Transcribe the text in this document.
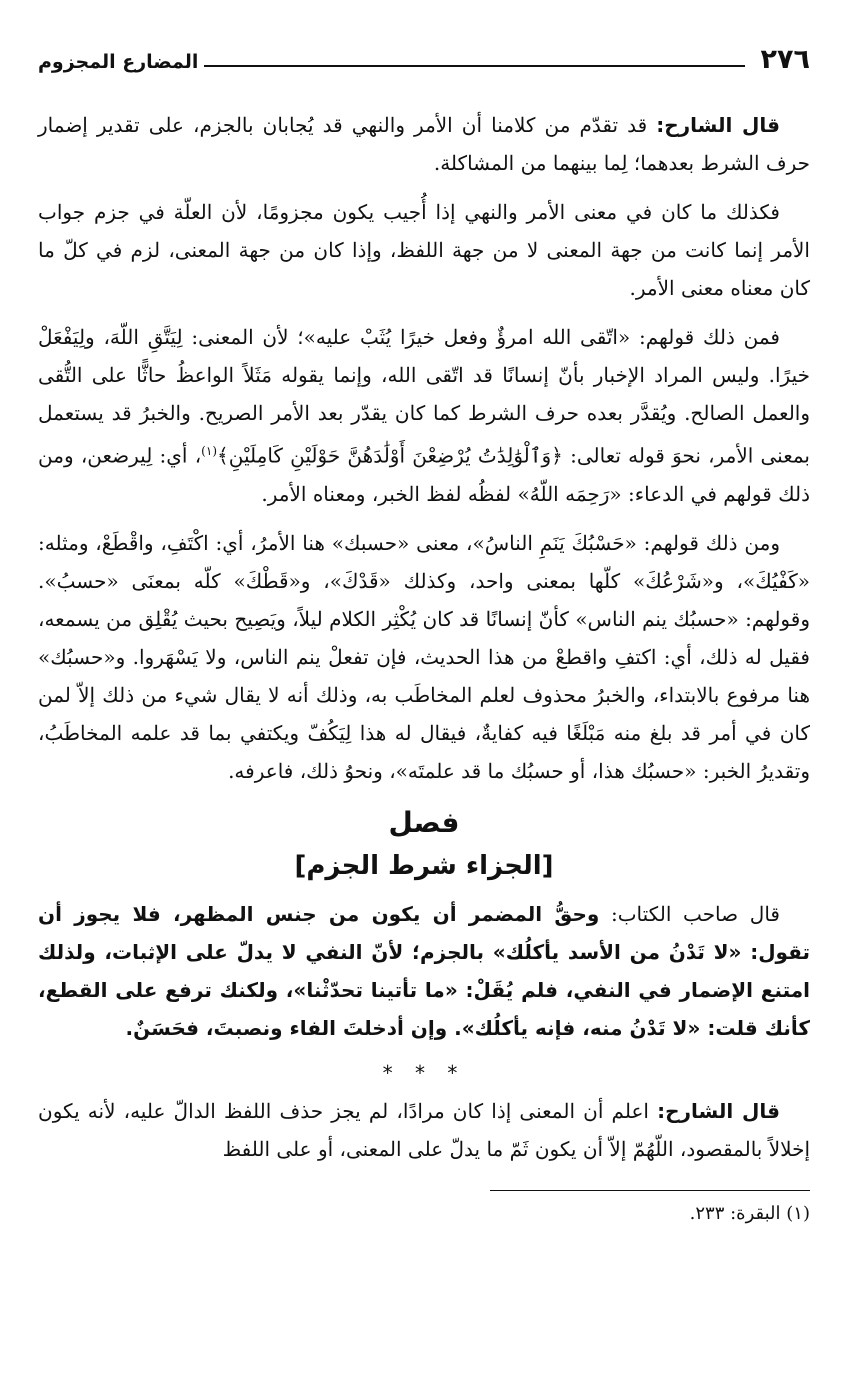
٢٧٦
المضارع المجزوم

قال الشارح: قد تقدّم من كلامنا أن الأمر والنهي قد يُجابان بالجزم، على تقدير إضمار حرف الشرط بعدهما؛ لِما بينهما من المشاكلة.

فكذلك ما كان في معنى الأمر والنهي إذا أُجيب يكون مجزومًا، لأن العلّة في جزم جواب الأمر إنما كانت من جهة المعنى لا من جهة اللفظ، وإذا كان من جهة المعنى، لزم في كلّ ما كان معناه معنى الأمر.

فمن ذلك قولهم: «اتّقى الله امرؤٌ وفعل خيرًا يُثَبْ عليه»؛ لأن المعنى: لِيَتَّقِ اللّهَ، ولِيَفْعَلْ خيرًا. وليس المراد الإخبار بأنّ إنسانًا قد اتّقى الله، وإنما يقوله مَثَلاً الواعظُ حاثًّا على التُّقى والعمل الصالح. ويُقدَّر بعده حرف الشرط كما كان يقدّر بعد الأمر الصريح. والخبرُ قد يستعمل بمعنى الأمر، نحوَ قوله تعالى: ﴿وَٱلْوَٰلِدَٰتُ يُرْضِعْنَ أَوْلَٰدَهُنَّ حَوْلَيْنِ كَامِلَيْنِ﴾$^{(١)}$، أي: لِيرضعن، ومن ذلك قولهم في الدعاء: «رَحِمَه اللّهُ» لفظُه لفظ الخبر، ومعناه الأمر.

ومن ذلك قولهم: «حَسْبُكَ يَنَمِ الناسُ»، معنى «حسبك» هنا الأمرُ، أي: اكْتَفِ، واقْطَعْ، ومثله: «كَفْيُكَ»، و«شَرْعُكَ» كلّها بمعنى واحد، وكذلك «قَدْكَ»، و«قَطْكَ» كلّه بمعنَى «حسبُ». وقولهم: «حسبُك ينم الناس» كأنّ إنسانًا قد كان يُكْثِر الكلام ليلاً، ويَصِيح بحيث يُقْلِق من يسمعه، فقيل له ذلك، أي: اكتفِ واقطعْ من هذا الحديث، فإن تفعلْ ينم الناس، ولا يَسْهَروا. و«حسبُك» هنا مرفوع بالابتداء، والخبرُ محذوف لعلم المخاطَب به، وذلك أنه لا يقال شيء من ذلك إلاّ لمن كان في أمر قد بلغ منه مَبْلَغًا فيه كفايةٌ، فيقال له هذا لِيَكُفّ ويكتفي بما قد علمه المخاطَبُ، وتقديرُ الخبر: «حسبُك هذا، أو حسبُك ما قد علمتَه»، ونحوُ ذلك، فاعرفه.

فصل
[الجزاء شرط الجزم]

قال صاحب الكتاب: وحقُّ المضمر أن يكون من جنس المظهر، فلا يجوز أن تقول: «لا تَدْنُ من الأسد يأكلُك» بالجزم؛ لأنّ النفي لا يدلّ على الإثبات، ولذلك امتنع الإضمار في النفي، فلم يُقَلْ: «ما تأتينا تحدّثْنا»، ولكنك ترفع على القطع، كأنك قلت: «لا تَدْنُ منه، فإنه يأكلُك». وإن أدخلتَ الفاء ونصبتَ، فحَسَنٌ.

* * *

قال الشارح: اعلم أن المعنى إذا كان مرادًا، لم يجز حذف اللفظ الدالّ عليه، لأنه يكون إخلالاً بالمقصود، اللّهُمّ إلاّ أن يكون ثَمّ ما يدلّ على المعنى، أو على اللفظ

(١) البقرة: ٢٣٣.
